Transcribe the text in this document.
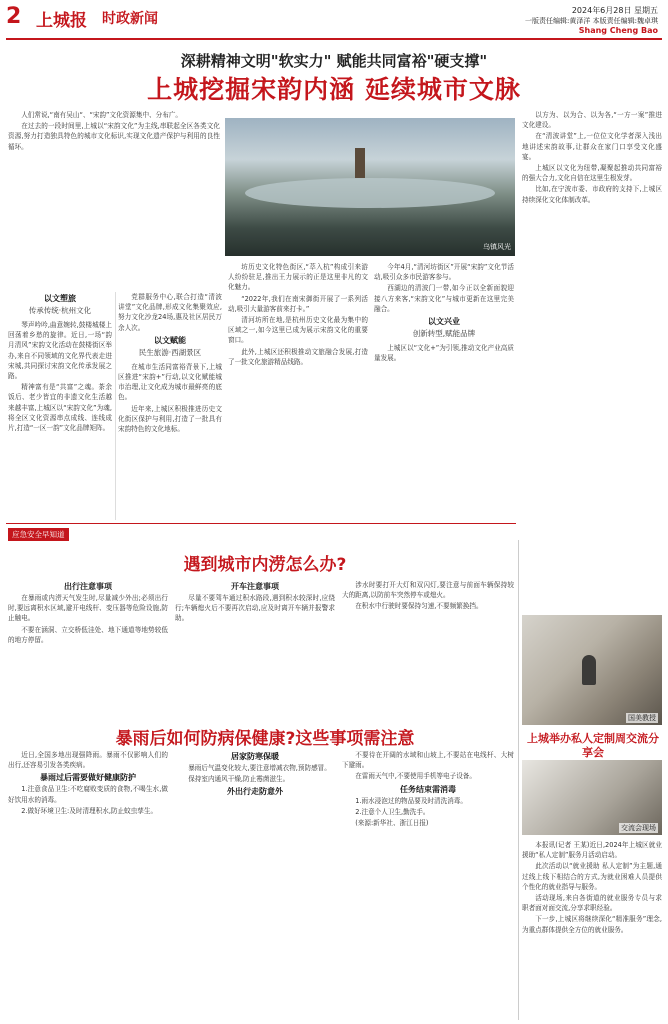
2 上城报 时政新闻
2024年6月28日 星期五
一版责任编辑:黄泽洋 本版责任编辑:魏卓琪
Shang Cheng Bao
深耕精神文明"软实力" 赋能共同富裕"硬支撑"
上城挖掘宋韵内涵 延续城市文脉

人们常说,“南有吴山“、“宋韵”文化资源集中、分布广。

在过去的一段时间里,上城以“宋韵文化”为主线,串联起全区各类文化资源,努力打造独具特色的城市文化标识,实现文化遗产保护与利用的良性循环。

乌镇风光
以文塑旅
传承传统·杭州文化

琴声吟吟,曲意婉转,鼓楼城楼上回荡着乡愁的旋律。近日,一场“韵月清风”宋韵文化活动在鼓楼街区举办,来自不同领域的文化界代表走进宋城,共同探讨宋韵文化传承发展之路。

精神富有是“共富”之魂。茶余饭后、老少皆宜的非遗文化生活越来越丰富,上城区以“宋韵文化”为魂,将全区文化资源串点成线、连线成片,打造“一区一韵”文化品牌矩阵。

党群服务中心,联合打造“清波讲堂”文化品牌,形成文化集聚效应,努力文化沙龙24场,惠及社区居民万余人次。

以文赋能
民生旅游·西湖景区

在城市生活同富裕背景下,上城区推进“宋韵+”行动,以文化赋能城市治理,让文化成为城市最鲜亮的底色。

近年来,上城区积极推进历史文化街区保护与利用,打造了一批具有宋韵特色的文化地标。

坊历史文化特色街区,“萃入杭”构成引来游人纷纷驻足,推出王力展示的正是这里非凡的文化魅力。

“2022年,我们在南宋御街开展了一系列活动,吸引大量游客前来打卡。”

清河坊所在地,是杭州历史文化最为集中的区域之一,如今这里已成为展示宋韵文化的重要窗口。

此外,上城区还积极推动文旅融合发展,打造了一批文化旅游精品线路。

今年4月,“清河坊街区”开展“宋韵”文化节活动,吸引众多市民游客参与。

西湖边的清波门一带,如今正以全新面貌迎接八方来客,“宋韵文化”与城市更新在这里完美融合。

以文兴业
创新转型,赋能品牌

上城区以“文化+”为引领,推动文化产业高质量发展。

以方为、以为合、以为各,“一方一案”推进文化建设。

在“清波讲堂”上,一位位文化学者深入浅出地讲述宋韵故事,让群众在家门口享受文化盛宴。

上城区以文化为纽带,凝聚起推动共同富裕的强大合力,文化自信在这里生根发芽。

比如,在宁波市委、市政府的支持下,上城区持续深化文化体制改革。

国美教授
应急安全早知道
遇到城市内涝怎么办?
出行注意事项

在暴雨或内涝天气发生时,尽量减少外出;必须出行时,要远离积水区域,避开电线杆、变压器等危险设施,防止触电。

不要在涵洞、立交桥低洼处、地下通道等地势较低的地方停留。

开车注意事项

尽量不要驾车通过积水路段,遇到积水较深时,应绕行;车辆熄火后不要再次启动,应及时离开车辆并报警求助。

涉水时要打开大灯和双闪灯,要注意与前面车辆保持较大的距离,以防前车突然停车或熄火。

在积水中行驶时要保持匀速,不要频繁换挡。

暴雨后如何防病保健康?这些事项需注意

近日,全国多地出现强降雨。暴雨不仅影响人们的出行,还容易引发各类疾病。

暴雨过后需要做好健康防护

1.注意食品卫生:不吃腐败变质的食物,不喝生水,做好饮用水的消毒。

2.做好环境卫生:及时清理积水,防止蚊虫孳生。

居家防寒保暖

暴雨后气温变化较大,要注意增减衣物,预防感冒。

保持室内通风干燥,防止霉菌滋生。

外出行走防意外

不要待在开阔的水域和山坡上,不要站在电线杆、大树下避雨。

在雷雨天气中,不要使用手机等电子设备。

任务结束需消毒

1.雨水浸泡过的物品要及时清洗消毒。

2.注意个人卫生,勤洗手。

(来源:新华社、浙江日报)

上城举办私人定制周交流分享会
交流会现场

本报讯(记者 王某)近日,2024年上城区就业援助“私人定制”服务月活动启动。

此次活动以“就业援助 私人定制”为主题,通过线上线下相结合的方式,为就业困难人员提供个性化的就业指导与服务。

活动现场,来自各街道的就业服务专员与求职者面对面交流,分享求职经验。

下一步,上城区将继续深化“精准服务”理念,为重点群体提供全方位的就业服务。
